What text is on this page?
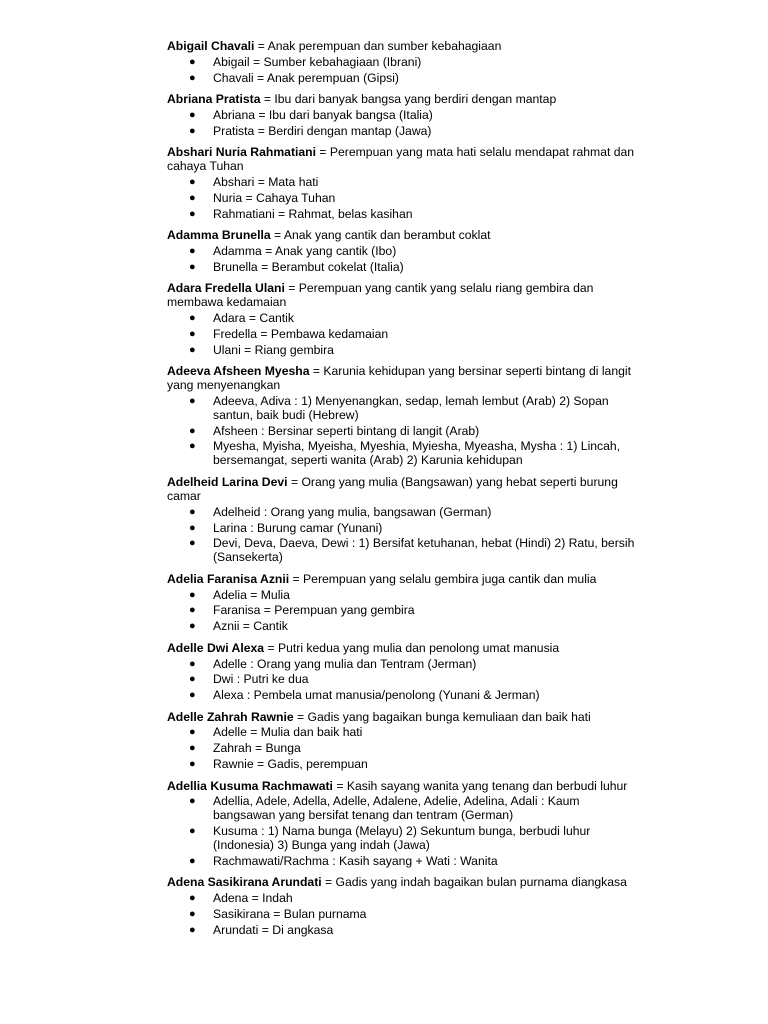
Abigail Chavali = Anak perempuan dan sumber kebahagiaan

● Abigail = Sumber kebahagiaan (Ibrani)
● Chavali = Anak perempuan (Gipsi)

Abriana Pratista = Ibu dari banyak bangsa yang berdiri dengan mantap

● Abriana = Ibu dari banyak bangsa (Italia)
● Pratista = Berdiri dengan mantap (Jawa)

Abshari Nuria Rahmatiani = Perempuan yang mata hati selalu mendapat rahmat dan cahaya Tuhan

● Abshari = Mata hati
● Nuria = Cahaya Tuhan
● Rahmatiani = Rahmat, belas kasihan

Adamma Brunella = Anak yang cantik dan berambut coklat

● Adamma = Anak yang cantik (Ibo)
● Brunella = Berambut cokelat (Italia)

Adara Fredella Ulani = Perempuan yang cantik yang selalu riang gembira dan membawa kedamaian

● Adara = Cantik
● Fredella = Pembawa kedamaian
● Ulani = Riang gembira

Adeeva Afsheen Myesha = Karunia kehidupan yang bersinar seperti bintang di langit yang menyenangkan

● Adeeva, Adiva : 1) Menyenangkan, sedap, lemah lembut (Arab) 2) Sopan santun, baik budi (Hebrew)
● Afsheen : Bersinar seperti bintang di langit (Arab)
● Myesha, Myisha, Myeisha, Myeshia, Myiesha, Myeasha, Mysha : 1) Lincah, bersemangat, seperti wanita (Arab) 2) Karunia kehidupan

Adelheid Larina Devi = Orang yang mulia (Bangsawan) yang hebat seperti burung camar

● Adelheid : Orang yang mulia, bangsawan (German)
● Larina : Burung camar (Yunani)
● Devi, Deva, Daeva, Dewi : 1) Bersifat ketuhanan, hebat (Hindi) 2) Ratu, bersih (Sansekerta)

Adelia Faranisa Aznii = Perempuan yang selalu gembira juga cantik dan mulia

● Adelia = Mulia
● Faranisa = Perempuan yang gembira
● Aznii = Cantik

Adelle Dwi Alexa = Putri kedua yang mulia dan penolong umat manusia

● Adelle : Orang yang mulia dan Tentram (Jerman)
● Dwi : Putri ke dua
● Alexa : Pembela umat manusia/penolong (Yunani & Jerman)

Adelle Zahrah Rawnie = Gadis yang bagaikan bunga kemuliaan dan baik hati

● Adelle = Mulia dan baik hati
● Zahrah = Bunga
● Rawnie = Gadis, perempuan

Adellia Kusuma Rachmawati = Kasih sayang wanita yang tenang dan berbudi luhur

● Adellia, Adele, Adella, Adelle, Adalene, Adelie, Adelina, Adali : Kaum bangsawan yang bersifat tenang dan tentram (German)
● Kusuma : 1) Nama bunga (Melayu) 2) Sekuntum bunga, berbudi luhur (Indonesia) 3) Bunga yang indah (Jawa)
● Rachmawati/Rachma : Kasih sayang + Wati : Wanita

Adena Sasikirana Arundati = Gadis yang indah bagaikan bulan purnama diangkasa

● Adena = Indah
● Sasikirana = Bulan purnama
● Arundati = Di angkasa
